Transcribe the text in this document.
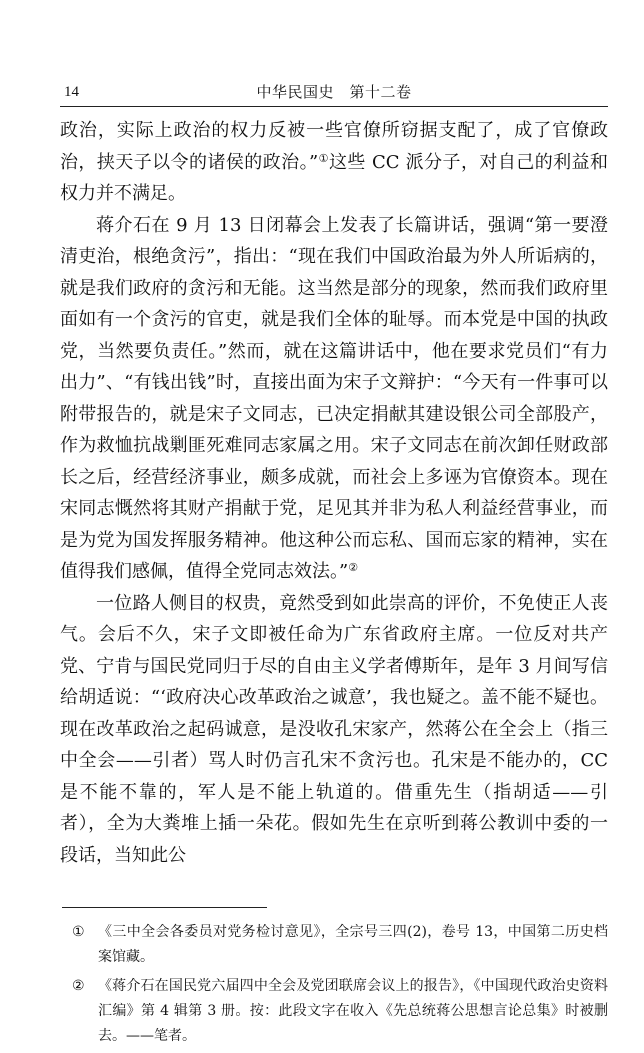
14	中华民国史　第十二卷

政治，实际上政治的权力反被一些官僚所窃据支配了，成了官僚政治，挟天子以令的诸侯的政治。”①这些 CC 派分子，对自己的利益和权力并不满足。

蒋介石在 9 月 13 日闭幕会上发表了长篇讲话，强调“第一要澄清吏治，根绝贪污”，指出：“现在我们中国政治最为外人所诟病的，就是我们政府的贪污和无能。这当然是部分的现象，然而我们政府里面如有一个贪污的官吏，就是我们全体的耻辱。而本党是中国的执政党，当然要负责任。”然而，就在这篇讲话中，他在要求党员们“有力出力”、“有钱出钱”时，直接出面为宋子文辩护：“今天有一件事可以附带报告的，就是宋子文同志，已决定捐献其建设银公司全部股产，作为救恤抗战剿匪死难同志家属之用。宋子文同志在前次卸任财政部长之后，经营经济事业，颇多成就，而社会上多诬为官僚资本。现在宋同志慨然将其财产捐献于党，足见其并非为私人利益经营事业，而是为党为国发挥服务精神。他这种公而忘私、国而忘家的精神，实在值得我们感佩，值得全党同志效法。”②

一位路人侧目的权贵，竟然受到如此崇高的评价，不免使正人丧气。会后不久，宋子文即被任命为广东省政府主席。一位反对共产党、宁肯与国民党同归于尽的自由主义学者傅斯年，是年 3 月间写信给胡适说：“‘政府决心改革政治之诚意’，我也疑之。盖不能不疑也。现在改革政治之起码诚意，是没收孔宋家产，然蒋公在全会上（指三中全会——引者）骂人时仍言孔宋不贪污也。孔宋是不能办的，CC 是不能不靠的，军人是不能上轨道的。借重先生（指胡适——引者），全为大粪堆上插一朵花。假如先生在京听到蒋公教训中委的一段话，当知此公

① 《三中全会各委员对党务检讨意见》，全宗号三四(2)，卷号 13，中国第二历史档案馆藏。
② 《蒋介石在国民党六届四中全会及党团联席会议上的报告》，《中国现代政治史资料汇编》第 4 辑第 3 册。按：此段文字在收入《先总统蒋公思想言论总集》时被删去。——笔者。
